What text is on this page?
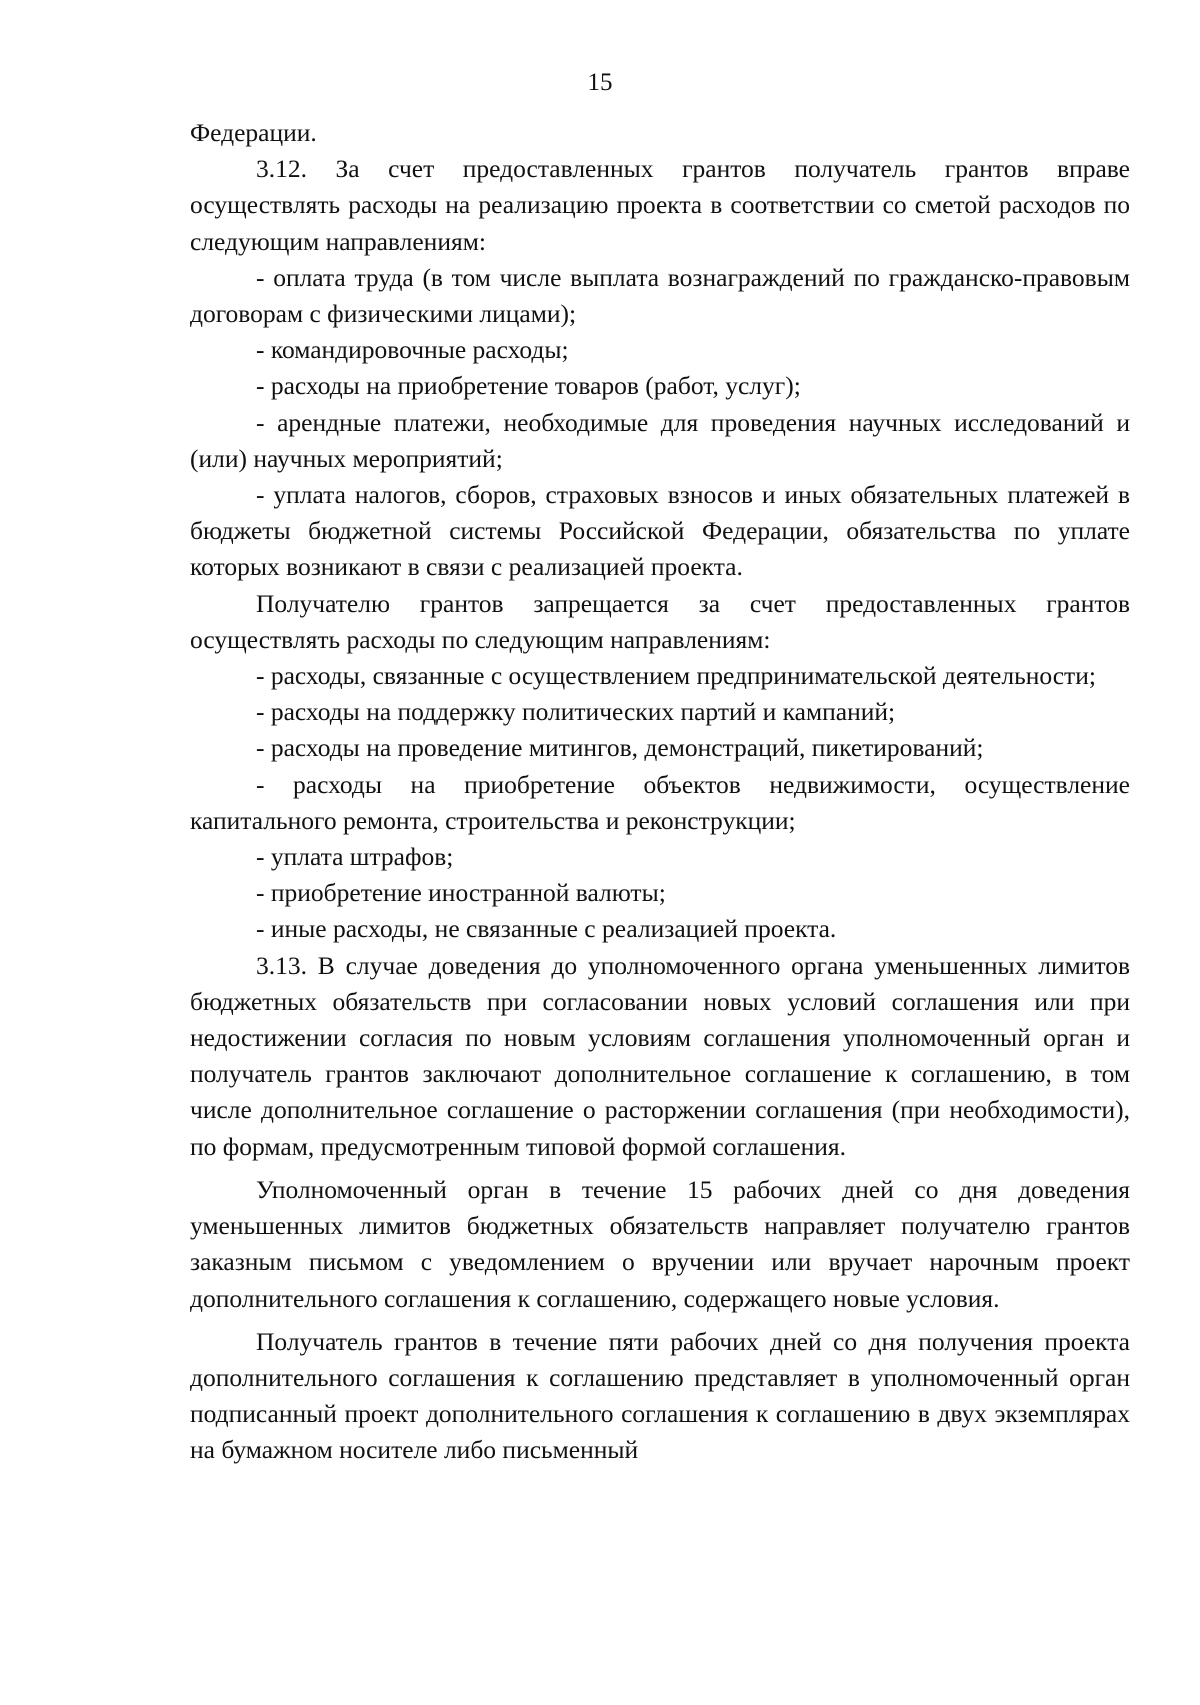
15

Федерации.

3.12. За счет предоставленных грантов получатель грантов вправе осуществлять расходы на реализацию проекта в соответствии со сметой расходов по следующим направлениям:

- оплата труда (в том числе выплата вознаграждений по гражданско-правовым договорам с физическими лицами);

- командировочные расходы;

- расходы на приобретение товаров (работ, услуг);

- арендные платежи, необходимые для проведения научных исследований и (или) научных мероприятий;

- уплата налогов, сборов, страховых взносов и иных обязательных платежей в бюджеты бюджетной системы Российской Федерации, обязательства по уплате которых возникают в связи с реализацией проекта.

Получателю грантов запрещается за счет предоставленных грантов осуществлять расходы по следующим направлениям:

- расходы, связанные с осуществлением предпринимательской деятельности;

- расходы на поддержку политических партий и кампаний;

- расходы на проведение митингов, демонстраций, пикетирований;

- расходы на приобретение объектов недвижимости, осуществление капитального ремонта, строительства и реконструкции;

- уплата штрафов;

- приобретение иностранной валюты;

- иные расходы, не связанные с реализацией проекта.

3.13. В случае доведения до уполномоченного органа уменьшенных лимитов бюджетных обязательств при согласовании новых условий соглашения или при недостижении согласия по новым условиям соглашения уполномоченный орган и получатель грантов заключают дополнительное соглашение к соглашению, в том числе дополнительное соглашение о расторжении соглашения (при необходимости), по формам, предусмотренным типовой формой соглашения.

Уполномоченный орган в течение 15 рабочих дней со дня доведения уменьшенных лимитов бюджетных обязательств направляет получателю грантов заказным письмом с уведомлением о вручении или вручает нарочным проект дополнительного соглашения к соглашению, содержащего новые условия.

Получатель грантов в течение пяти рабочих дней со дня получения проекта дополнительного соглашения к соглашению представляет в уполномоченный орган подписанный проект дополнительного соглашения к соглашению в двух экземплярах на бумажном носителе либо письменный
